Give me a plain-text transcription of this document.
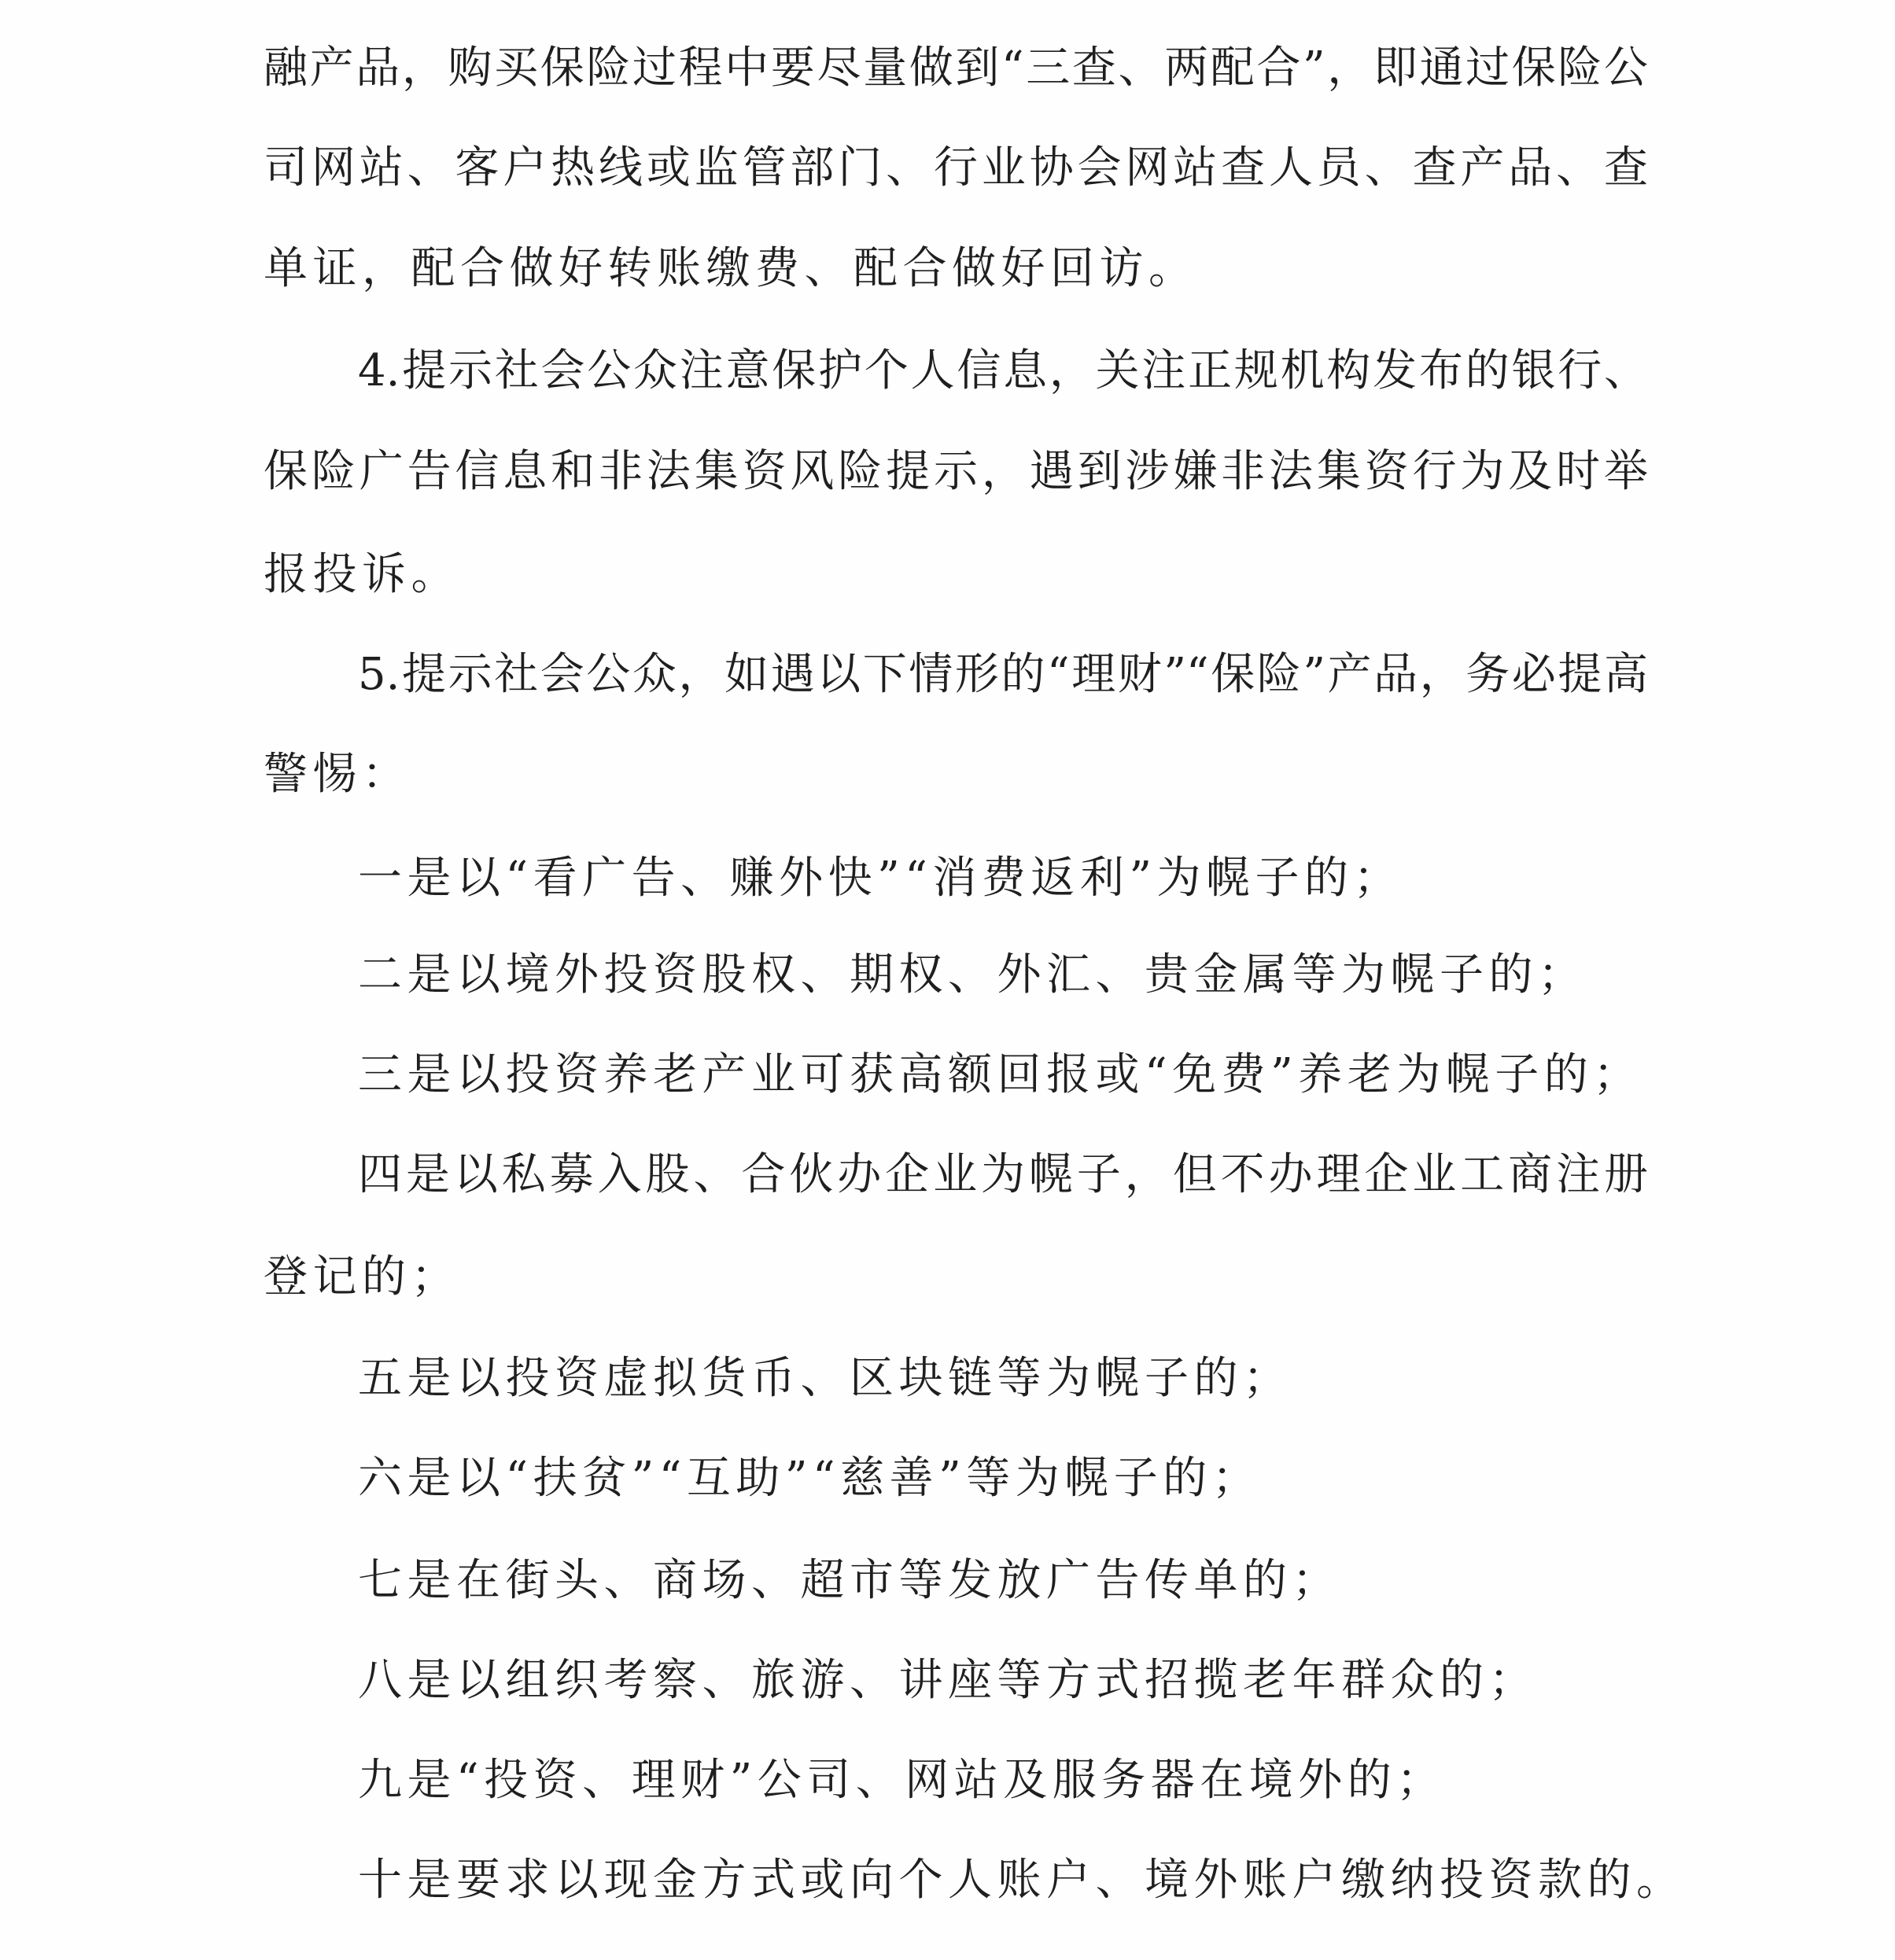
融产品，购买保险过程中要尽量做到“三查、两配合”，即通过保险公
司网站、客户热线或监管部门、行业协会网站查人员、查产品、查
单证，配合做好转账缴费、配合做好回访。
4.提示社会公众注意保护个人信息，关注正规机构发布的银行、
保险广告信息和非法集资风险提示，遇到涉嫌非法集资行为及时举
报投诉。
5.提示社会公众，如遇以下情形的“理财”“保险”产品，务必提高
警惕：
一是以“看广告、赚外快”“消费返利”为幌子的；
二是以境外投资股权、期权、外汇、贵金属等为幌子的；
三是以投资养老产业可获高额回报或“免费”养老为幌子的；
四是以私募入股、合伙办企业为幌子，但不办理企业工商注册
登记的；
五是以投资虚拟货币、区块链等为幌子的；
六是以“扶贫”“互助”“慈善”等为幌子的；
七是在街头、商场、超市等发放广告传单的；
八是以组织考察、旅游、讲座等方式招揽老年群众的；
九是“投资、理财”公司、网站及服务器在境外的；
十是要求以现金方式或向个人账户、境外账户缴纳投资款的。
